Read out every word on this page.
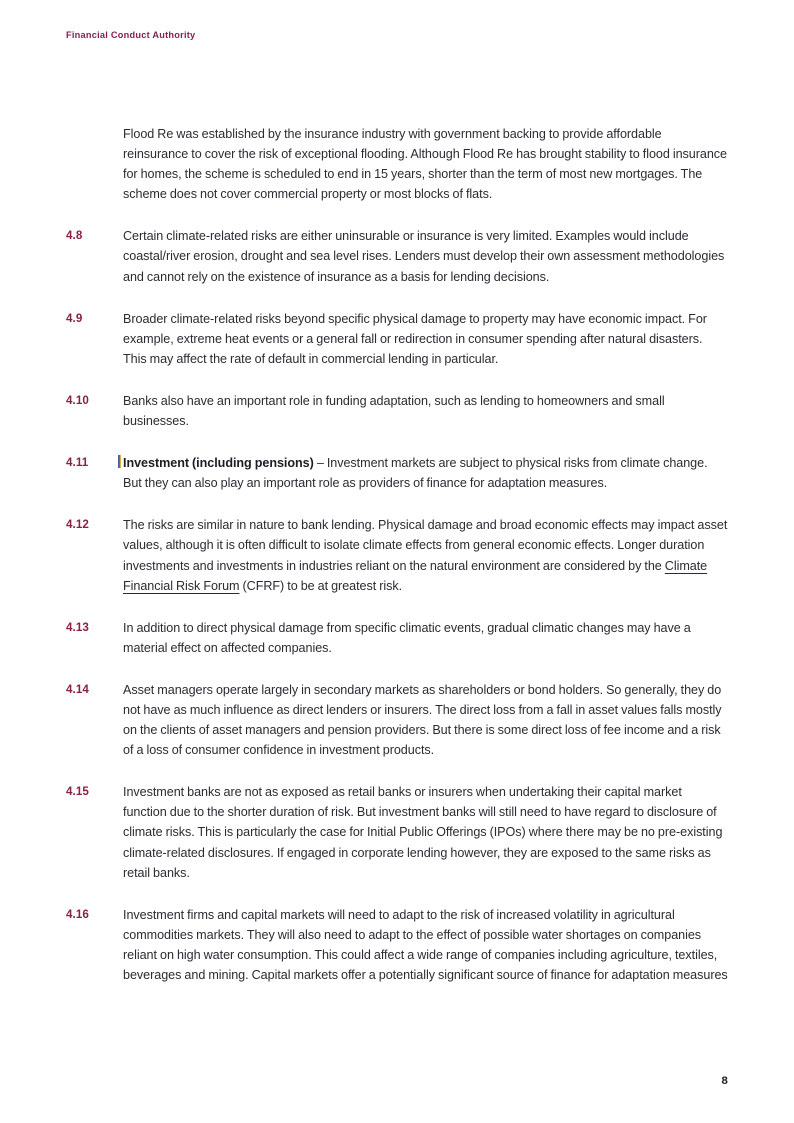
Financial Conduct Authority
Flood Re was established by the insurance industry with government backing to provide affordable reinsurance to cover the risk of exceptional flooding. Although Flood Re has brought stability to flood insurance for homes, the scheme is scheduled to end in 15 years, shorter than the term of most new mortgages. The scheme does not cover commercial property or most blocks of flats.
4.8	Certain climate-related risks are either uninsurable or insurance is very limited. Examples would include coastal/river erosion, drought and sea level rises. Lenders must develop their own assessment methodologies and cannot rely on the existence of insurance as a basis for lending decisions.
4.9	Broader climate-related risks beyond specific physical damage to property may have economic impact. For example, extreme heat events or a general fall or redirection in consumer spending after natural disasters. This may affect the rate of default in commercial lending in particular.
4.10	Banks also have an important role in funding adaptation, such as lending to homeowners and small businesses.
4.11	Investment (including pensions) – Investment markets are subject to physical risks from climate change. But they can also play an important role as providers of finance for adaptation measures.
4.12	The risks are similar in nature to bank lending. Physical damage and broad economic effects may impact asset values, although it is often difficult to isolate climate effects from general economic effects. Longer duration investments and investments in industries reliant on the natural environment are considered by the Climate Financial Risk Forum (CFRF) to be at greatest risk.
4.13	In addition to direct physical damage from specific climatic events, gradual climatic changes may have a material effect on affected companies.
4.14	Asset managers operate largely in secondary markets as shareholders or bond holders. So generally, they do not have as much influence as direct lenders or insurers. The direct loss from a fall in asset values falls mostly on the clients of asset managers and pension providers. But there is some direct loss of fee income and a risk of a loss of consumer confidence in investment products.
4.15	Investment banks are not as exposed as retail banks or insurers when undertaking their capital market function due to the shorter duration of risk. But investment banks will still need to have regard to disclosure of climate risks. This is particularly the case for Initial Public Offerings (IPOs) where there may be no pre-existing climate-related disclosures. If engaged in corporate lending however, they are exposed to the same risks as retail banks.
4.16	Investment firms and capital markets will need to adapt to the risk of increased volatility in agricultural commodities markets. They will also need to adapt to the effect of possible water shortages on companies reliant on high water consumption. This could affect a wide range of companies including agriculture, textiles, beverages and mining. Capital markets offer a potentially significant source of finance for adaptation measures
8
